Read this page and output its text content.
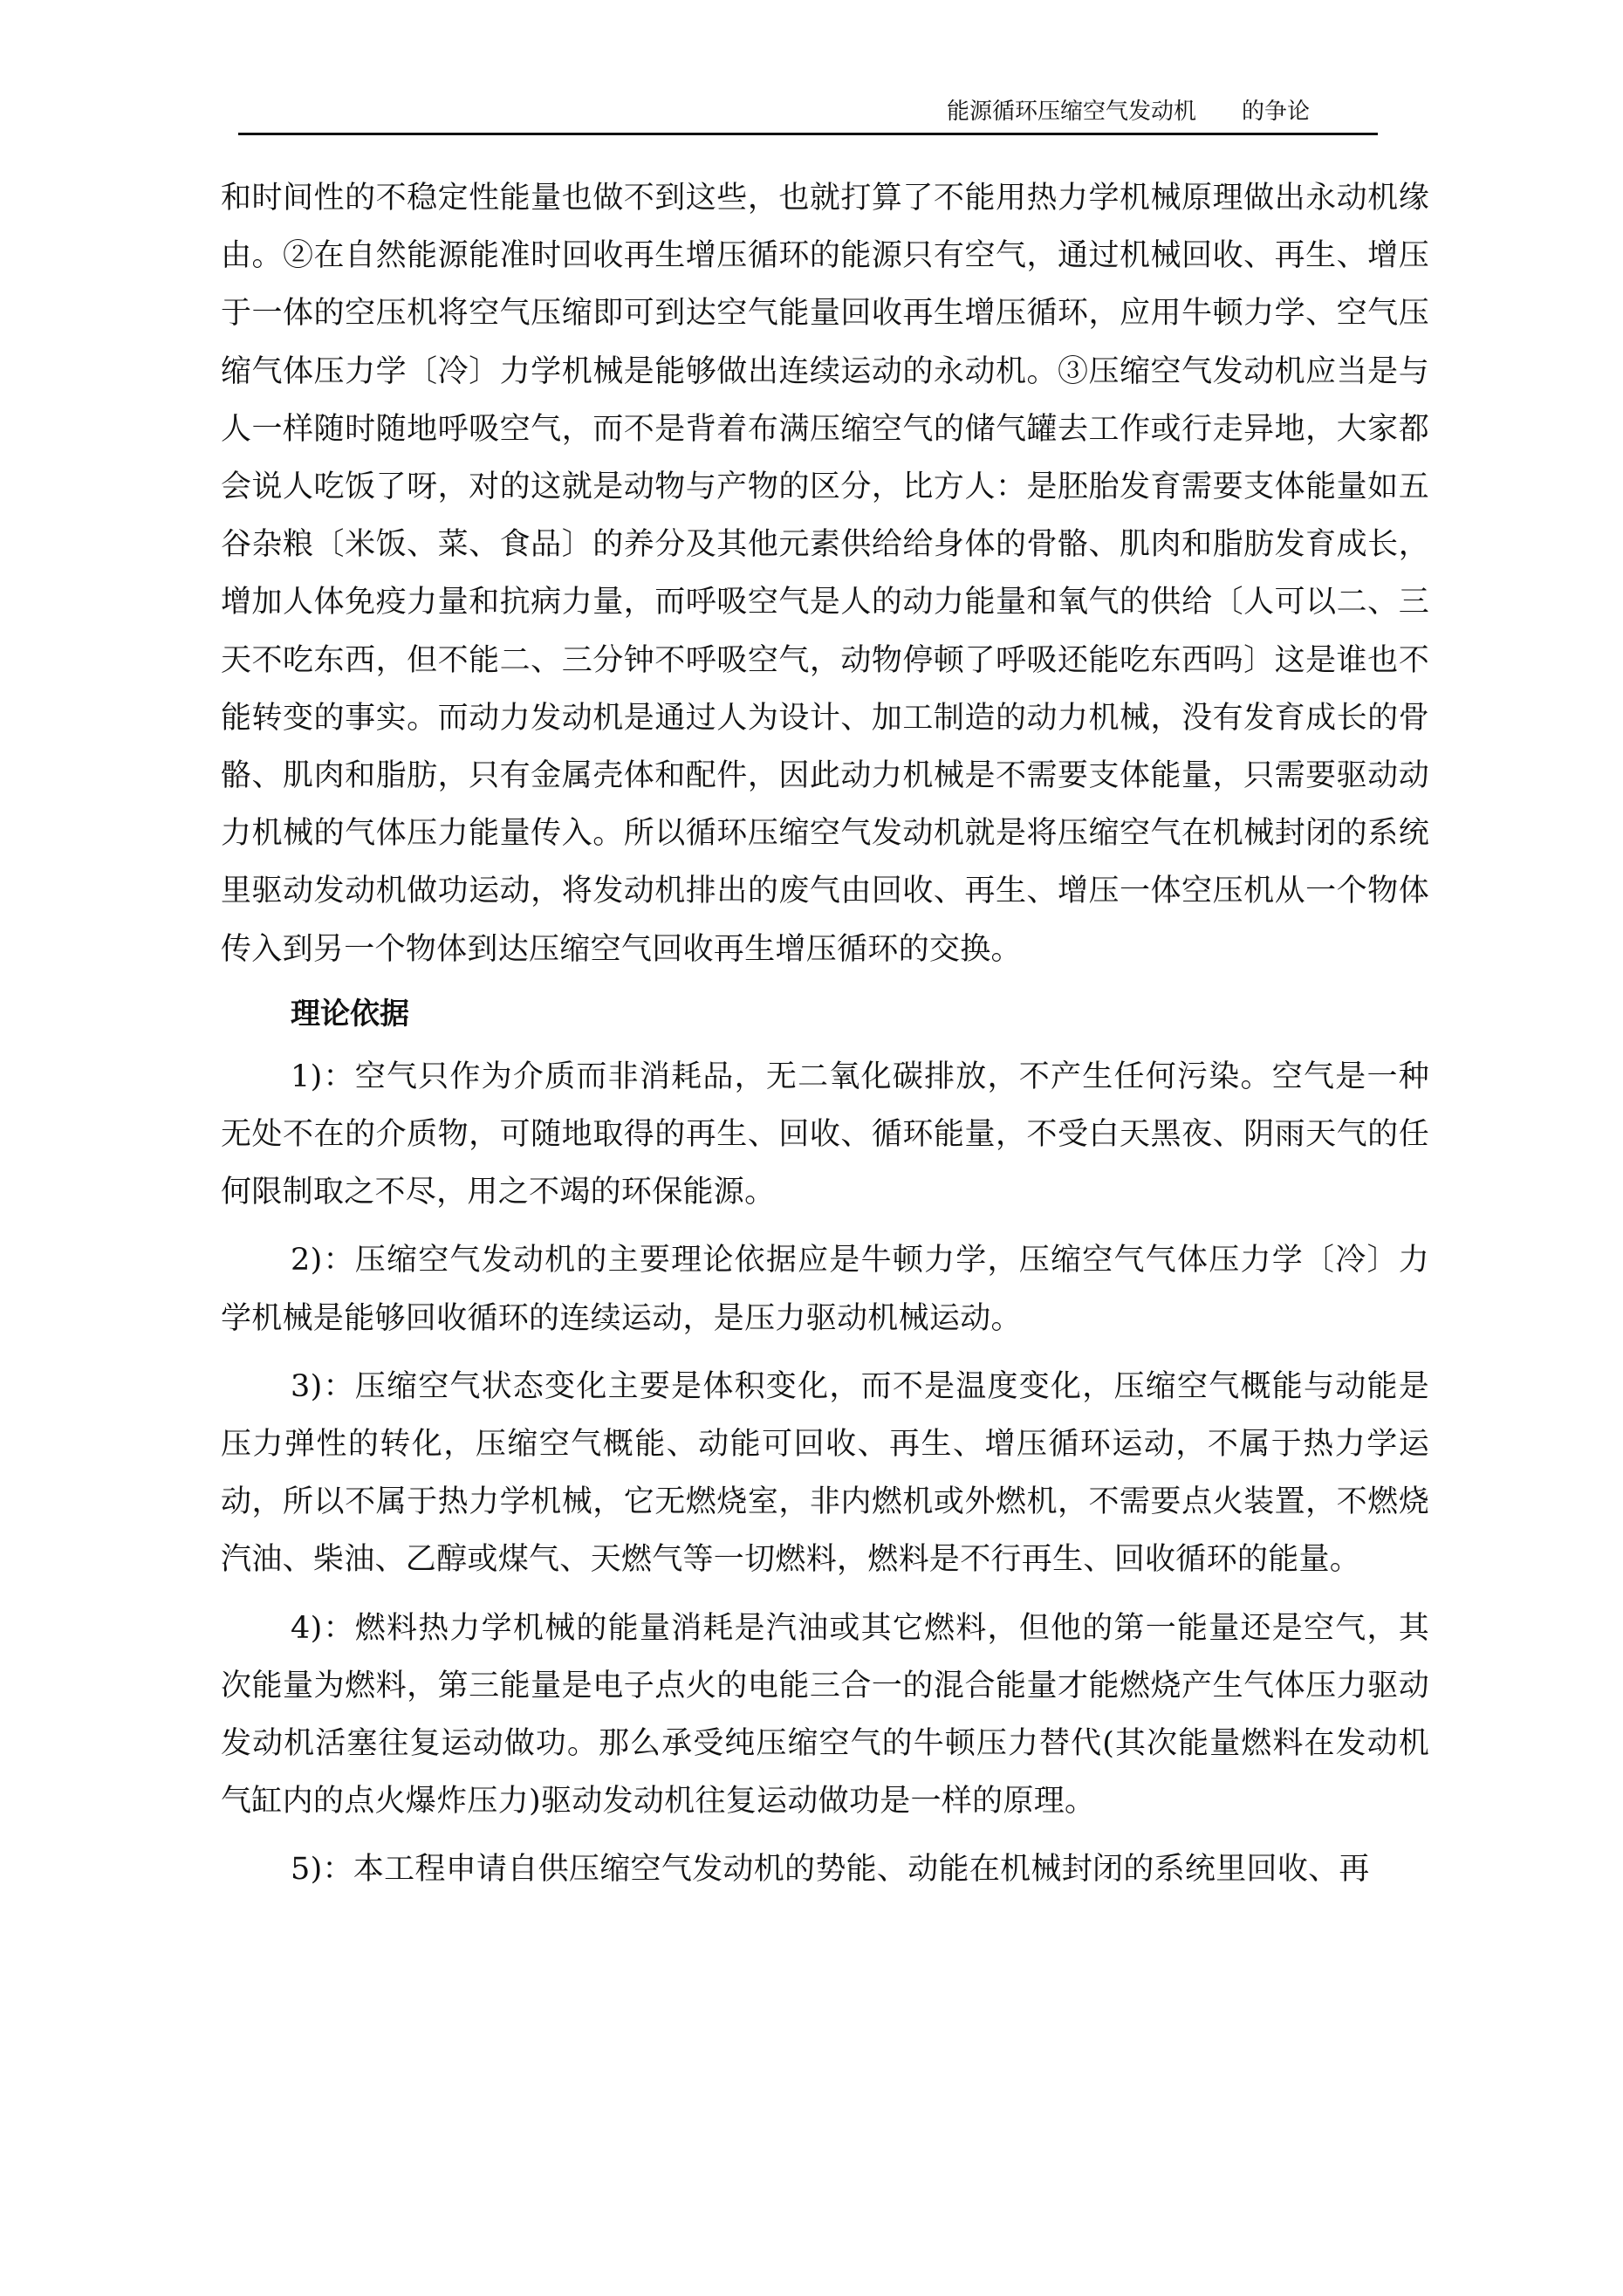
能源循环压缩空气发动机　　的争论

和时间性的不稳定性能量也做不到这些，也就打算了不能用热力学机械原理做出永动机缘由。②在自然能源能准时回收再生增压循环的能源只有空气，通过机械回收、再生、增压于一体的空压机将空气压缩即可到达空气能量回收再生增压循环，应用牛顿力学、空气压缩气体压力学〔冷〕力学机械是能够做出连续运动的永动机。③压缩空气发动机应当是与人一样随时随地呼吸空气，而不是背着布满压缩空气的储气罐去工作或行走异地，大家都会说人吃饭了呀，对的这就是动物与产物的区分，比方人：是胚胎发育需要支体能量如五谷杂粮〔米饭、菜、食品〕的养分及其他元素供给给身体的骨骼、肌肉和脂肪发育成长，增加人体免疫力量和抗病力量，而呼吸空气是人的动力能量和氧气的供给〔人可以二、三天不吃东西，但不能二、三分钟不呼吸空气，动物停顿了呼吸还能吃东西吗〕这是谁也不能转变的事实。而动力发动机是通过人为设计、加工制造的动力机械，没有发育成长的骨骼、肌肉和脂肪，只有金属壳体和配件，因此动力机械是不需要支体能量，只需要驱动动力机械的气体压力能量传入。所以循环压缩空气发动机就是将压缩空气在机械封闭的系统里驱动发动机做功运动，将发动机排出的废气由回收、再生、增压一体空压机从一个物体传入到另一个物体到达压缩空气回收再生增压循环的交换。

理论依据

1)：空气只作为介质而非消耗品，无二氧化碳排放，不产生任何污染。空气是一种无处不在的介质物，可随地取得的再生、回收、循环能量，不受白天黑夜、阴雨天气的任何限制取之不尽，用之不竭的环保能源。

2)：压缩空气发动机的主要理论依据应是牛顿力学，压缩空气气体压力学〔冷〕力学机械是能够回收循环的连续运动，是压力驱动机械运动。

3)：压缩空气状态变化主要是体积变化，而不是温度变化，压缩空气概能与动能是压力弹性的转化，压缩空气概能、动能可回收、再生、增压循环运动，不属于热力学运动，所以不属于热力学机械，它无燃烧室，非内燃机或外燃机，不需要点火装置，不燃烧汽油、柴油、乙醇或煤气、天燃气等一切燃料，燃料是不行再生、回收循环的能量。

4)：燃料热力学机械的能量消耗是汽油或其它燃料，但他的第一能量还是空气，其次能量为燃料，第三能量是电子点火的电能三合一的混合能量才能燃烧产生气体压力驱动发动机活塞往复运动做功。那么承受纯压缩空气的牛顿压力替代(其次能量燃料在发动机气缸内的点火爆炸压力)驱动发动机往复运动做功是一样的原理。

5)：本工程申请自供压缩空气发动机的势能、动能在机械封闭的系统里回收、再
